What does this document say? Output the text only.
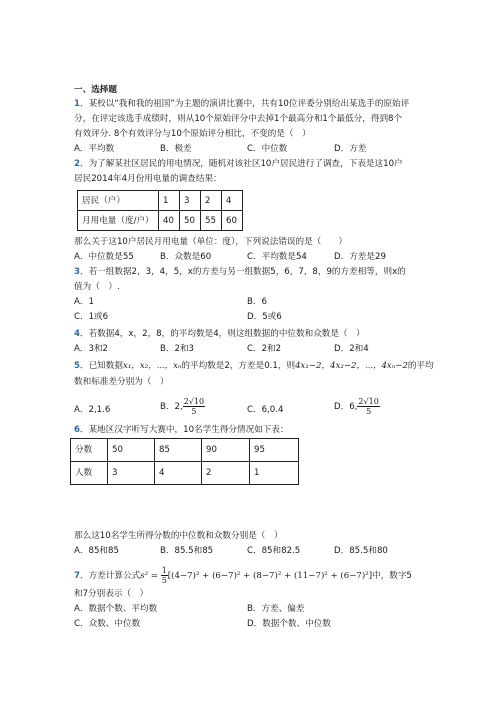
一、选择题
1．某校以“我和我的祖国”为主题的演讲比赛中，共有10位评委分别给出某选手的原始评
分，在评定该选手成绩时，则从10个原始评分中去掉1个最高分和1个最低分，得到8个
有效评分. 8个有效评分与10个原始评分相比，不变的是（　）
A．平均数	B．极差	C．中位数	D．方差
2．为了解某社区居民的用电情况，随机对该社区10户居民进行了调查，下表是这10户
居民2014年4月份用电量的调查结果：
居民（户）	1	3	2	4
月用电量（度/户）	40	50	55	60
那么关于这10户居民月用电量（单位：度），下列说法错误的是（　　）
A．中位数是55	B．众数是60	C．平均数是54	D．方差是29
3．若一组数据2，3，4，5，x的方差与另一组数据5，6，7，8，9的方差相等，则x的
值为（　）.
A．1	B．6
C．1或6	D．5或6
4．若数据4，x，2，8，的平均数是4，则这组数据的中位数和众数是（　）
A．3和2	B．2和3	C．2和2	D．2和4
5．已知数据x₁，x₂，⋯，xₙ的平均数是2，方差是0.1，则4x₁−2，4x₂−2，⋯，4xₙ−2的平均
数和标准差分别为（　）
A．2,1.6	B．2, $\frac{2√10}{5}$	C．6,0.4	D．6, $\frac{2√10}{5}$
6．某地区汉字听写大赛中，10名学生得分情况如下表：
分数	50	85	90	95
人数	3	4	2	1
那么这10名学生所得分数的中位数和众数分别是（　）
A．85和85	B．85.5和85	C．85和82.5	D．85.5和80
7．方差计算公式$s^2 = \frac{1}{5} [(4-7)^2 + (6-7)^2 + (8-7)^2 + (11-7)^2 + (6-7)^2]$中，数字5
和7分别表示（　）
A．数据个数、平均数	B．方差、偏差
C．众数、中位数	D．数据个数、中位数
